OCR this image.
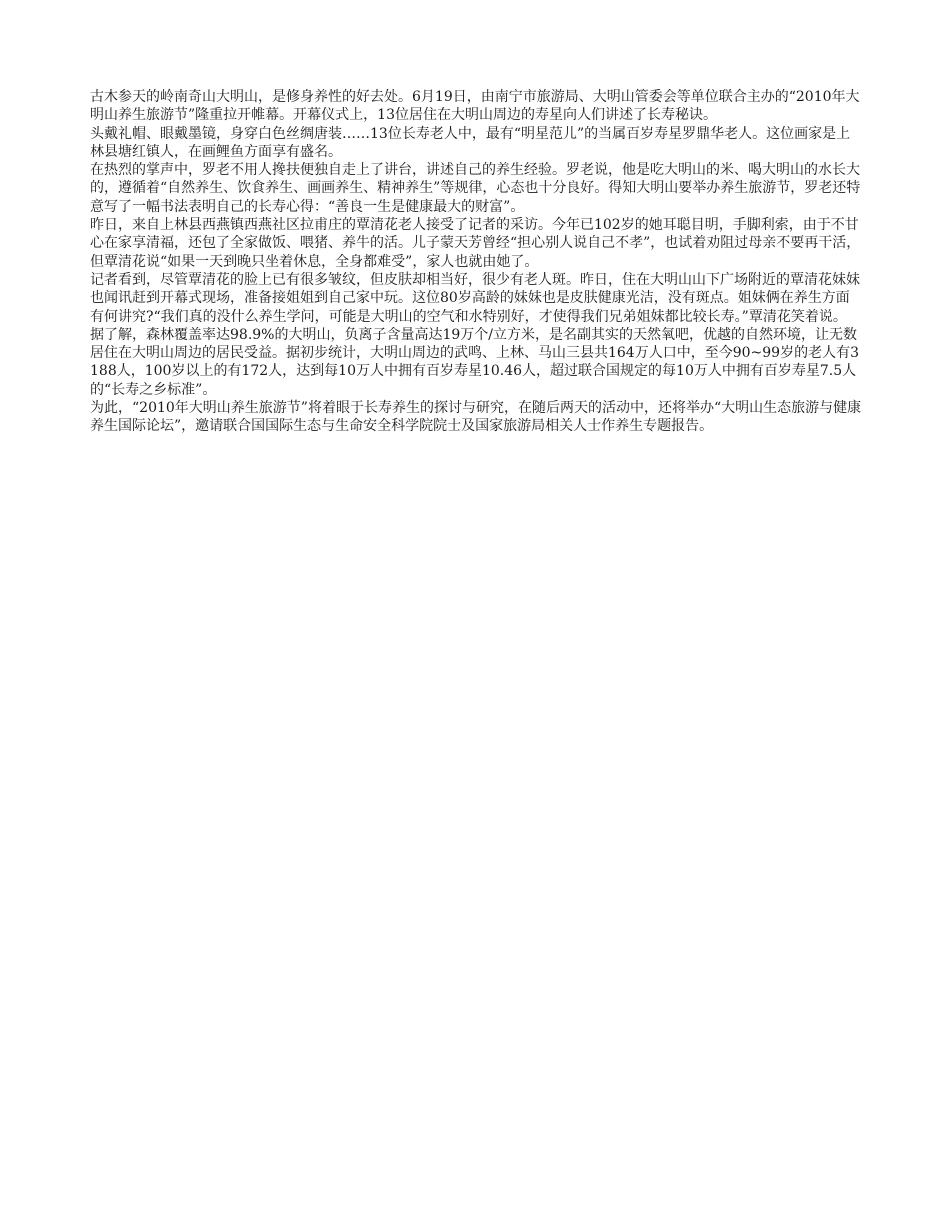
古木参天的岭南奇山大明山，是修身养性的好去处。6月19日，由南宁市旅游局、大明山管委会等单位联合主办的“2010年大明山养生旅游节”隆重拉开帷幕。开幕仪式上，13位居住在大明山周边的寿星向人们讲述了长寿秘诀。

头戴礼帽、眼戴墨镜，身穿白色丝绸唐装……13位长寿老人中，最有“明星范儿”的当属百岁寿星罗鼎华老人。这位画家是上林县塘红镇人，在画鲤鱼方面享有盛名。

在热烈的掌声中，罗老不用人搀扶便独自走上了讲台，讲述自己的养生经验。罗老说，他是吃大明山的米、喝大明山的水长大的，遵循着“自然养生、饮食养生、画画养生、精神养生”等规律，心态也十分良好。得知大明山要举办养生旅游节，罗老还特意写了一幅书法表明自己的长寿心得：“善良一生是健康最大的财富”。

昨日，来自上林县西燕镇西燕社区拉甫庄的覃清花老人接受了记者的采访。今年已102岁的她耳聪目明，手脚利索，由于不甘心在家享清福，还包了全家做饭、喂猪、养牛的活。儿子蒙天芳曾经“担心别人说自己不孝”，也试着劝阻过母亲不要再干活，但覃清花说“如果一天到晚只坐着休息，全身都难受”，家人也就由她了。

记者看到，尽管覃清花的脸上已有很多皱纹，但皮肤却相当好，很少有老人斑。昨日，住在大明山山下广场附近的覃清花妹妹也闻讯赶到开幕式现场，准备接姐姐到自己家中玩。这位80岁高龄的妹妹也是皮肤健康光洁，没有斑点。姐妹俩在养生方面有何讲究?“我们真的没什么养生学问，可能是大明山的空气和水特别好，才使得我们兄弟姐妹都比较长寿。”覃清花笑着说。

据了解，森林覆盖率达98.9%的大明山，负离子含量高达19万个/立方米，是名副其实的天然氧吧，优越的自然环境，让无数居住在大明山周边的居民受益。据初步统计，大明山周边的武鸣、上林、马山三县共164万人口中，至今90~99岁的老人有3188人，100岁以上的有172人，达到每10万人中拥有百岁寿星10.46人，超过联合国规定的每10万人中拥有百岁寿星7.5人的“长寿之乡标准”。

为此，“2010年大明山养生旅游节”将着眼于长寿养生的探讨与研究，在随后两天的活动中，还将举办“大明山生态旅游与健康养生国际论坛”，邀请联合国国际生态与生命安全科学院院士及国家旅游局相关人士作养生专题报告。
